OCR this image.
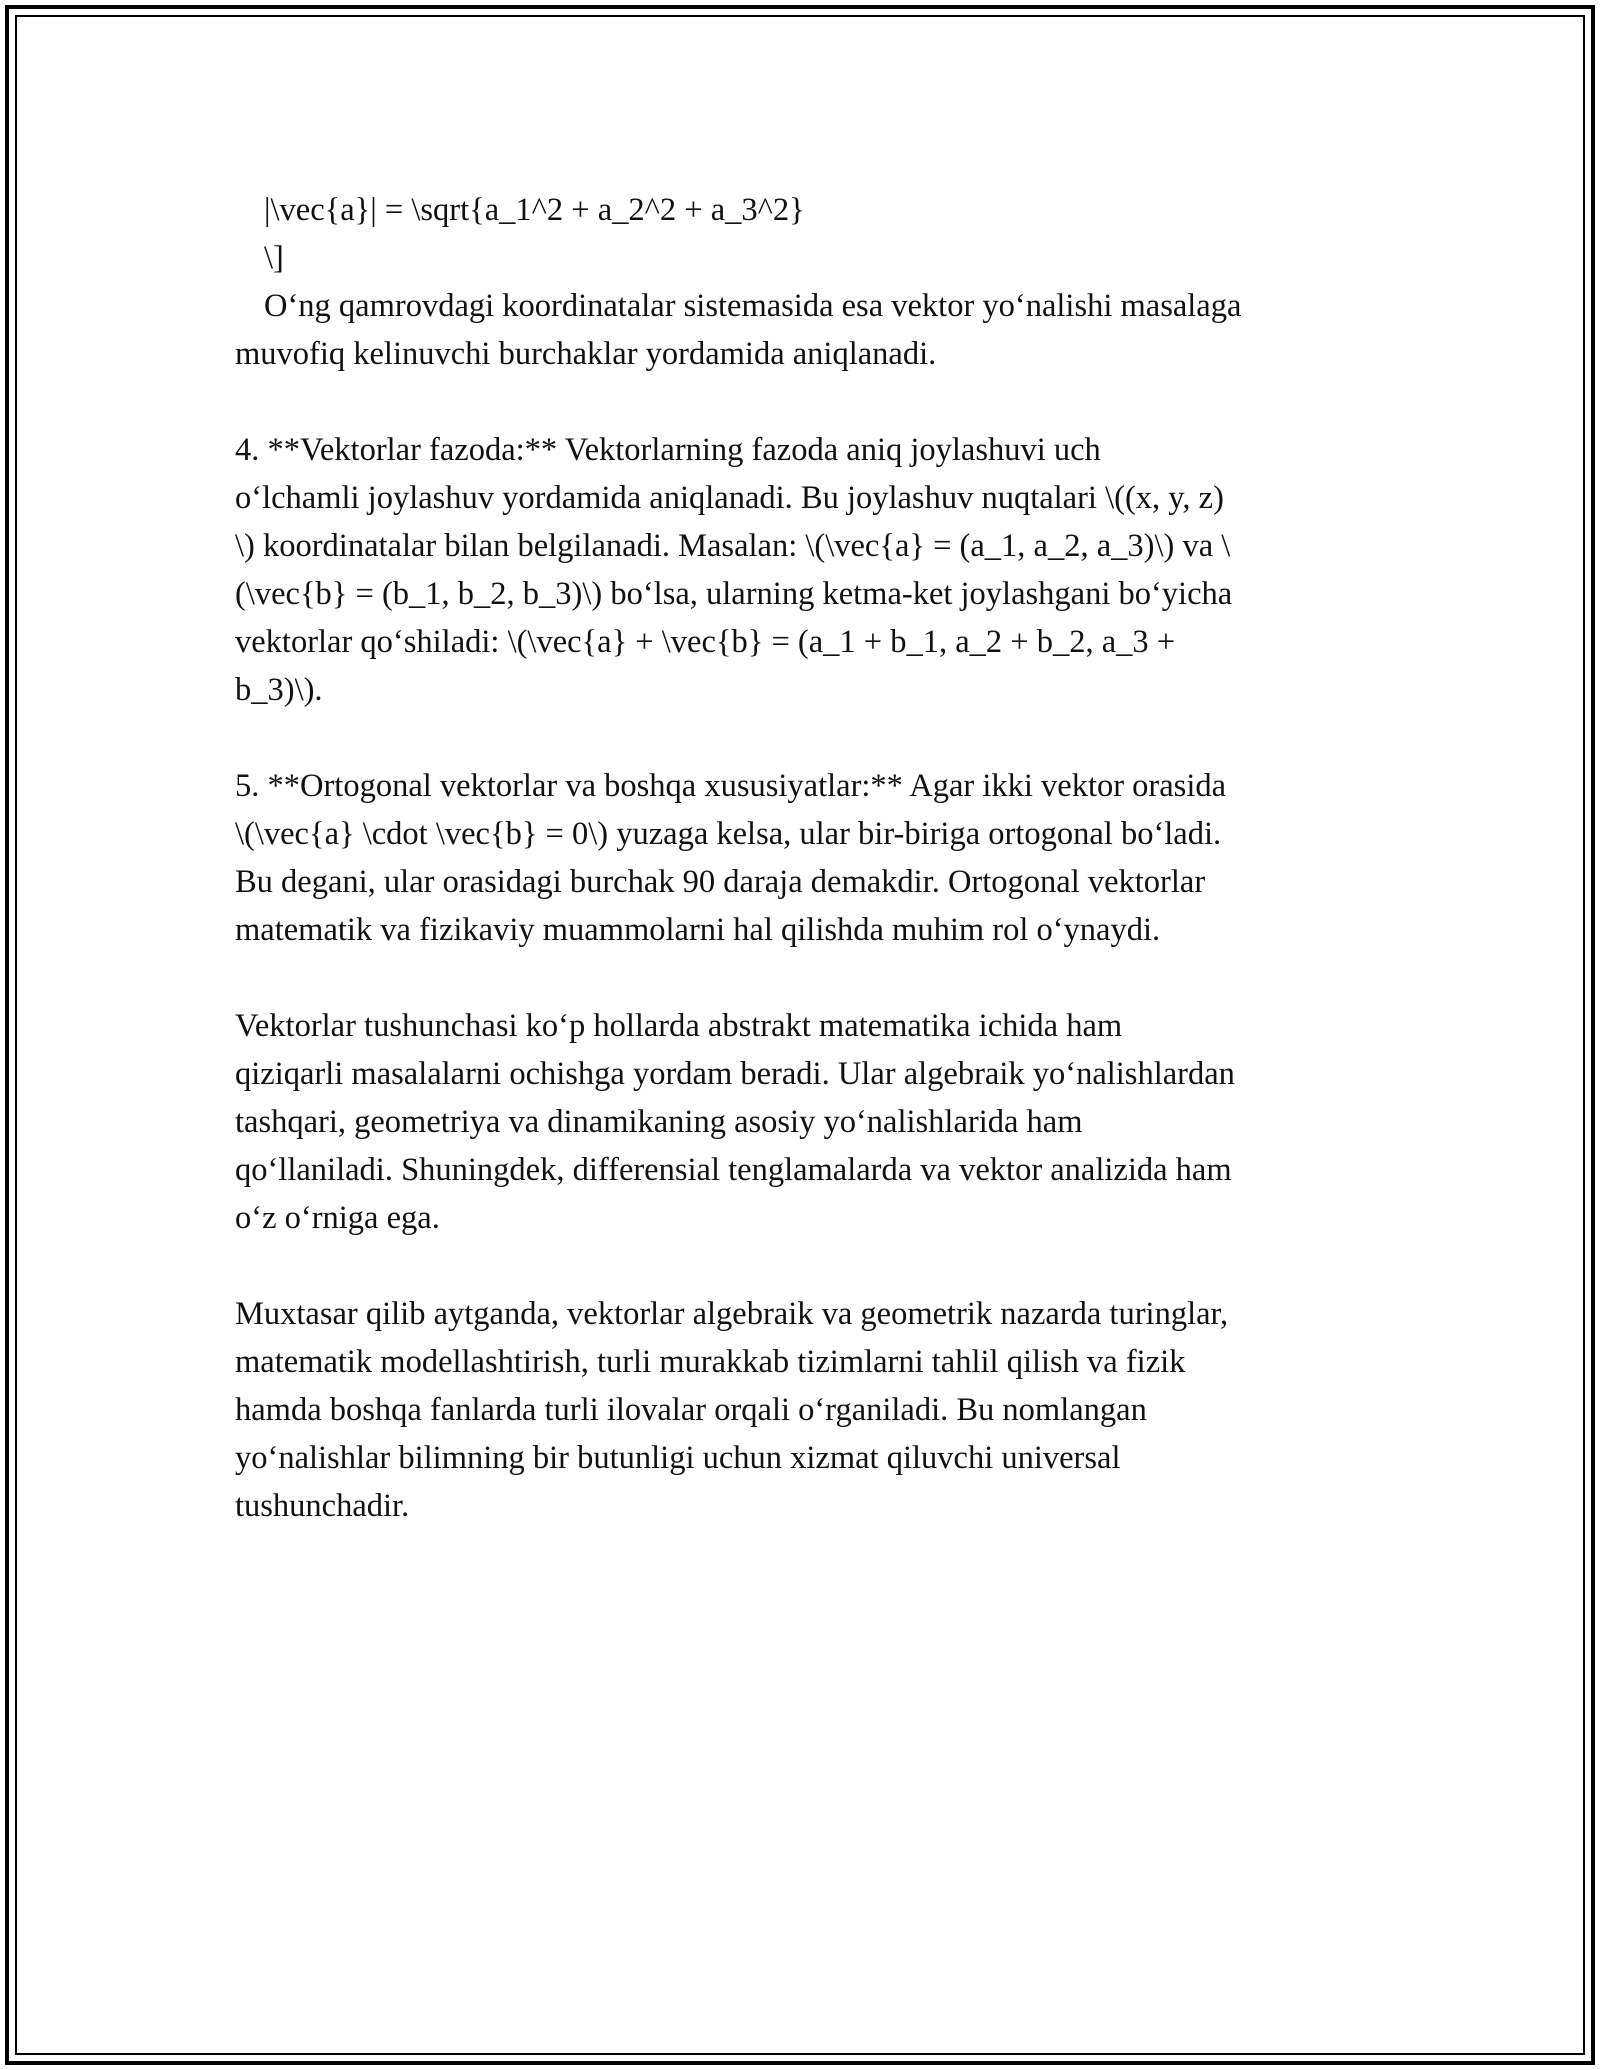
|\vec{a}| = \sqrt{a_1^2 + a_2^2 + a_3^2}
\]
O‘ng qamrovdagi koordinatalar sistemasida esa vektor yo‘nalishi masalaga
muvofiq kelinuvchi burchaklar yordamida aniqlanadi.
4. **Vektorlar fazoda:** Vektorlarning fazoda aniq joylashuvi uch
o‘lchamli joylashuv yordamida aniqlanadi. Bu joylashuv nuqtalari \((x, y, z)
\) koordinatalar bilan belgilanadi. Masalan: \(\vec{a} = (a_1, a_2, a_3)\) va \
(\vec{b} = (b_1, b_2, b_3)\) bo‘lsa, ularning ketma-ket joylashgani bo‘yicha
vektorlar qo‘shiladi: \(\vec{a} + \vec{b} = (a_1 + b_1, a_2 + b_2, a_3 +
b_3)\).
5. **Ortogonal vektorlar va boshqa xususiyatlar:** Agar ikki vektor orasida
\(\vec{a} \cdot \vec{b} = 0\) yuzaga kelsa, ular bir-biriga ortogonal bo‘ladi.
Bu degani, ular orasidagi burchak 90 daraja demakdir. Ortogonal vektorlar
matematik va fizikaviy muammolarni hal qilishda muhim rol o‘ynaydi.
Vektorlar tushunchasi ko‘p hollarda abstrakt matematika ichida ham
qiziqarli masalalarni ochishga yordam beradi. Ular algebraik yo‘nalishlardan
tashqari, geometriya va dinamikaning asosiy yo‘nalishlarida ham
qo‘llaniladi. Shuningdek, differensial tenglamalarda va vektor analizida ham
o‘z o‘rniga ega.
Muxtasar qilib aytganda, vektorlar algebraik va geometrik nazarda turinglar,
matematik modellashtirish, turli murakkab tizimlarni tahlil qilish va fizik
hamda boshqa fanlarda turli ilovalar orqali o‘rganiladi. Bu nomlangan
yo‘nalishlar bilimning bir butunligi uchun xizmat qiluvchi universal
tushunchadir.
